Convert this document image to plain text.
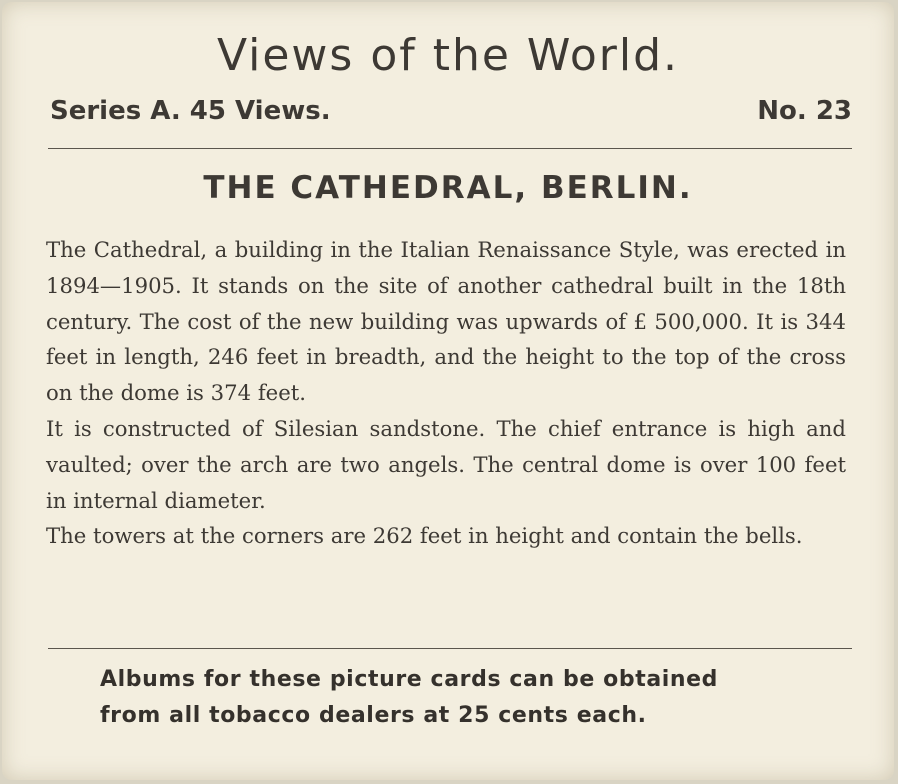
Views of the World.
Series A. 45 Views.	No. 23
THE CATHEDRAL, BERLIN.

The Cathedral, a building in the Italian Renaissance Style, was erected in 1894—1905. It stands on the site of another cathedral built in the 18th century. The cost of the new building was upwards of £ 500,000. It is 344 feet in length, 246 feet in breadth, and the height to the top of the cross on the dome is 374 feet.

It is constructed of Silesian sandstone. The chief entrance is high and vaulted; over the arch are two angels. The central dome is over 100 feet in internal diameter.

The towers at the corners are 262 feet in height and contain the bells.

Albums for these picture cards can be obtained
from all tobacco dealers at 25 cents each.
